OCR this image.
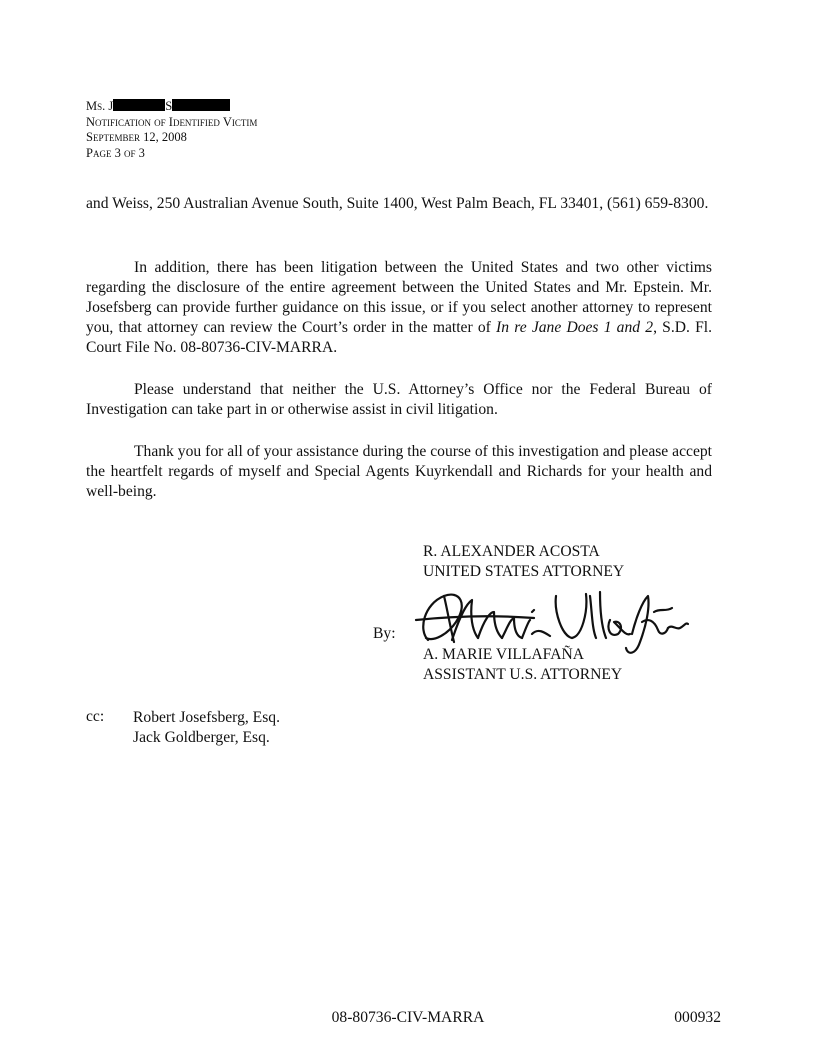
Ms. J	S
Notification of Identified Victim
September 12, 2008
Page 3 of 3
and Weiss, 250 Australian Avenue South, Suite 1400, West Palm Beach, FL 33401, (561) 659-8300.
In addition, there has been litigation between the United States and two other victims regarding the disclosure of the entire agreement between the United States and Mr. Epstein. Mr. Josefsberg can provide further guidance on this issue, or if you select another attorney to represent you, that attorney can review the Court’s order in the matter of In re Jane Does 1 and 2, S.D. Fl. Court File No. 08-80736-CIV-MARRA.
Please understand that neither the U.S. Attorney’s Office nor the Federal Bureau of Investigation can take part in or otherwise assist in civil litigation.
Thank you for all of your assistance during the course of this investigation and please accept the heartfelt regards of myself and Special Agents Kuyrkendall and Richards for your health and well-being.
R. ALEXANDER ACOSTA
UNITED STATES ATTORNEY
By:
A. MARIE VILLAFAÑA
ASSISTANT U.S. ATTORNEY
cc: Robert Josefsberg, Esq.
Jack Goldberger, Esq.
08-80736-CIV-MARRA	000932
